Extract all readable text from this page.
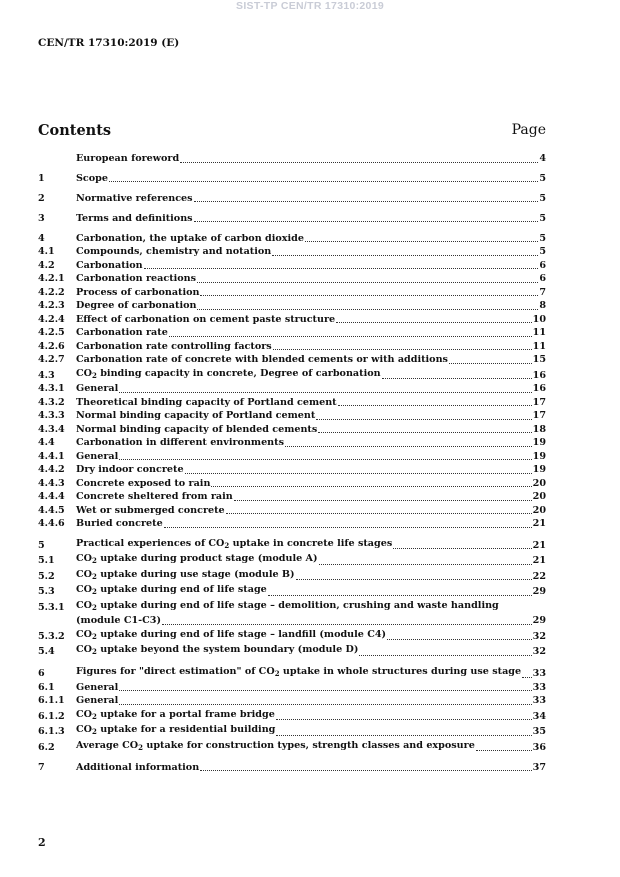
SIST-TP CEN/TR 17310:2019
CEN/TR 17310:2019 (E)
Contents	Page
European foreword	4
1	Scope	5
2	Normative references	5
3	Terms and definitions	5
4	Carbonation, the uptake of carbon dioxide	5
4.1	Compounds, chemistry and notation	5
4.2	Carbonation	6
4.2.1	Carbonation reactions	6
4.2.2	Process of carbonation	7
4.2.3	Degree of carbonation	8
4.2.4	Effect of carbonation on cement paste structure	10
4.2.5	Carbonation rate	11
4.2.6	Carbonation rate controlling factors	11
4.2.7	Carbonation rate of concrete with blended cements or with additions	15
4.3	$CO_2$ binding capacity in concrete, Degree of carbonation	16
4.3.1	General	16
4.3.2	Theoretical binding capacity of Portland cement	17
4.3.3	Normal binding capacity of Portland cement	17
4.3.4	Normal binding capacity of blended cements	18
4.4	Carbonation in different environments	19
4.4.1	General	19
4.4.2	Dry indoor concrete	19
4.4.3	Concrete exposed to rain	20
4.4.4	Concrete sheltered from rain	20
4.4.5	Wet or submerged concrete	20
4.4.6	Buried concrete	21
5	Practical experiences of $CO_2$ uptake in concrete life stages	21
5.1	$CO_2$ uptake during product stage (module A)	21
5.2	$CO_2$ uptake during use stage (module B)	22
5.3	$CO_2$ uptake during end of life stage	29
5.3.1	$CO_2$ uptake during end of life stage – demolition, crushing and waste handling
(module C1-C3)	29
5.3.2	$CO_2$ uptake during end of life stage – landfill (module C4)	32
5.4	$CO_2$ uptake beyond the system boundary (module D)	32
6	Figures for "direct estimation" of $CO_2$ uptake in whole structures during use stage 33
6.1	General	33
6.1.1	General	33
6.1.2	$CO_2$ uptake for a portal frame bridge	34
6.1.3	$CO_2$ uptake for a residential building	35
6.2	Average $CO_2$ uptake for construction types, strength classes and exposure	36
7	Additional information	37
2
